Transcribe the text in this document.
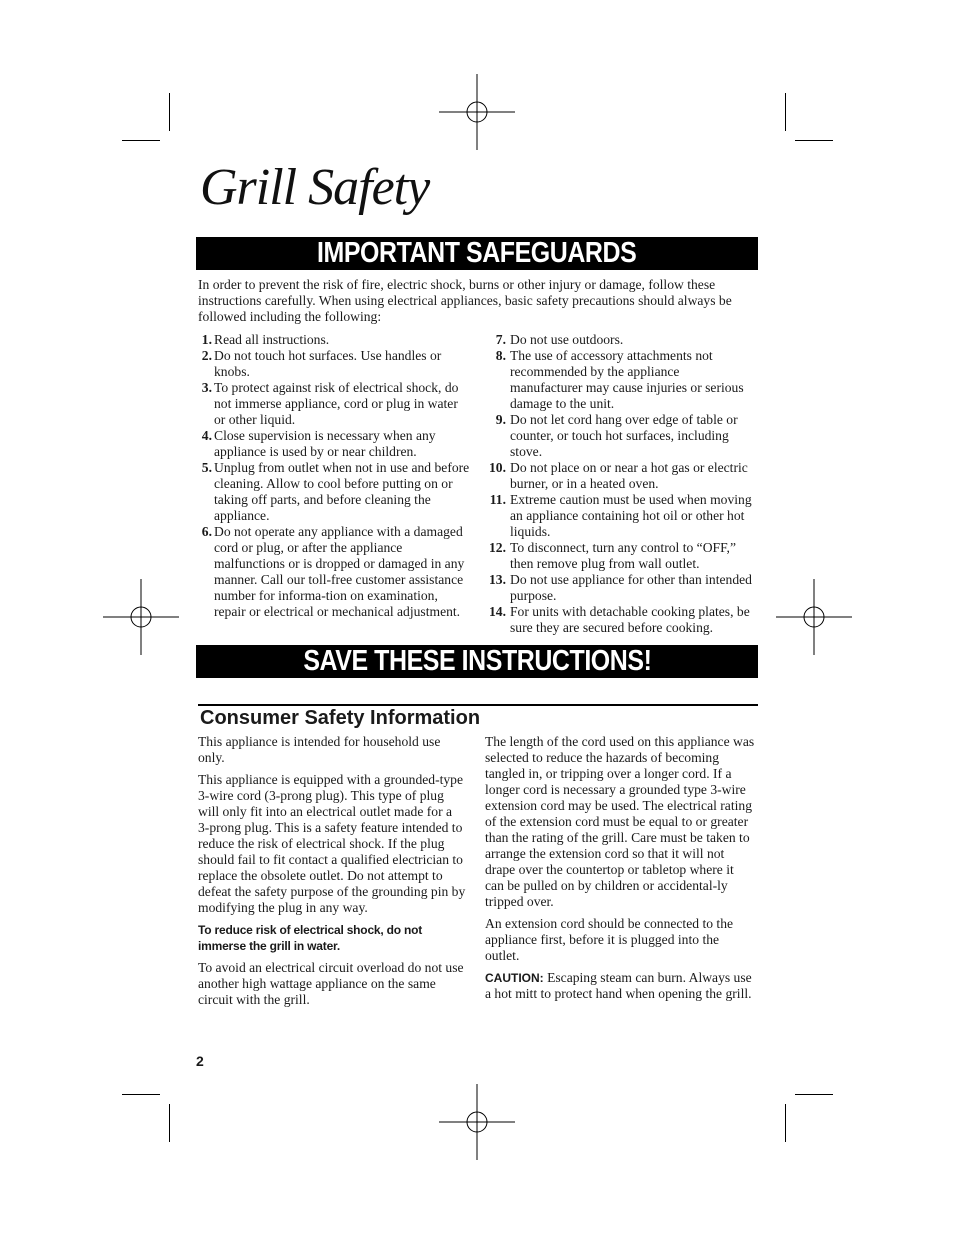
Grill Safety
IMPORTANT SAFEGUARDS
In order to prevent the risk of fire, electric shock, burns or other injury or damage, follow these instructions carefully. When using electrical appliances, basic safety precautions should always be followed including the following:
1. Read all instructions.
2. Do not touch hot surfaces. Use handles or knobs.
3. To protect against risk of electrical shock, do not immerse appliance, cord or plug in water or other liquid.
4. Close supervision is necessary when any appliance is used by or near children.
5. Unplug from outlet when not in use and before cleaning. Allow to cool before putting on or taking off parts, and before cleaning the appliance.
6. Do not operate any appliance with a damaged cord or plug, or after the appliance malfunctions or is dropped or damaged in any manner. Call our toll-free customer assistance number for informa-tion on examination, repair or electrical or mechanical adjustment.
7. Do not use outdoors.
8. The use of accessory attachments not recommended by the appliance manufacturer may cause injuries or serious damage to the unit.
9. Do not let cord hang over edge of table or counter, or touch hot surfaces, including stove.
10. Do not place on or near a hot gas or electric burner, or in a heated oven.
11. Extreme caution must be used when moving an appliance containing hot oil or other hot liquids.
12. To disconnect, turn any control to “OFF,” then remove plug from wall outlet.
13. Do not use appliance for other than intended purpose.
14. For units with detachable cooking plates, be sure they are secured before cooking.
SAVE THESE INSTRUCTIONS!
Consumer Safety Information

This appliance is intended for household use only.

This appliance is equipped with a grounded-type 3-wire cord (3-prong plug). This type of plug will only fit into an electrical outlet made for a 3-prong plug. This is a safety feature intended to reduce the risk of electrical shock. If the plug should fail to fit contact a qualified electrician to replace the obsolete outlet. Do not attempt to defeat the safety purpose of the grounding pin by modifying the plug in any way.

To reduce risk of electrical shock, do not immerse the grill in water.

To avoid an electrical circuit overload do not use another high wattage appliance on the same circuit with the grill.

The length of the cord used on this appliance was selected to reduce the hazards of becoming tangled in, or tripping over a longer cord. If a longer cord is necessary a grounded type 3-wire extension cord may be used. The electrical rating of the extension cord must be equal to or greater than the rating of the grill. Care must be taken to arrange the extension cord so that it will not drape over the countertop or tabletop where it can be pulled on by children or accidental-ly tripped over.

An extension cord should be connected to the appliance first, before it is plugged into the outlet.

CAUTION: Escaping steam can burn. Always use a hot mitt to protect hand when opening the grill.

2
